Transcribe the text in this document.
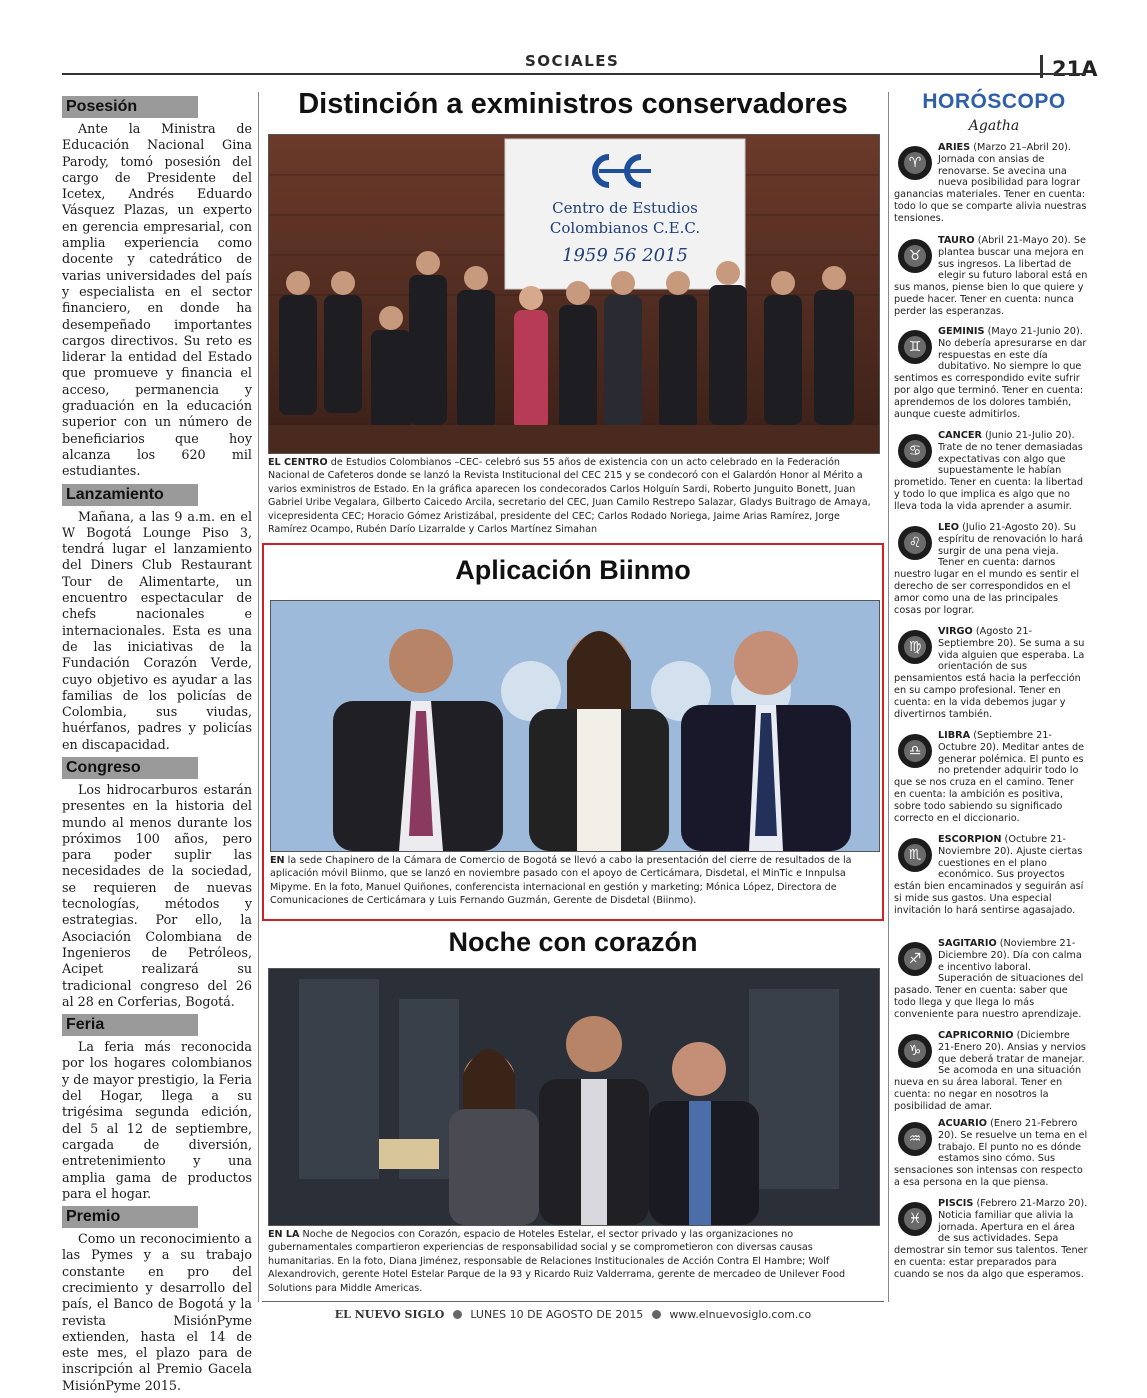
SOCIALES	21A
Posesión

Ante la Ministra de Educación Nacional Gina Parody, tomó posesión del cargo de Presidente del Icetex, Andrés Eduardo Vásquez Plazas, un experto en gerencia empresarial, con amplia experiencia como docente y catedrático de varias universidades del país y especialista en el sector financiero, en donde ha desempeñado importantes cargos directivos. Su reto es liderar la entidad del Estado que promueve y financia el acceso, permanencia y graduación en la educación superior con un número de beneficiarios que hoy alcanza los 620 mil estudiantes.

Lanzamiento

Mañana, a las 9 a.m. en el W Bogotá Lounge Piso 3, tendrá lugar el lanzamiento del Diners Club Restaurant Tour de Alimentarte, un encuentro espectacular de chefs nacionales e internacionales. Esta es una de las iniciativas de la Fundación Corazón Verde, cuyo objetivo es ayudar a las familias de los policías de Colombia, sus viudas, huérfanos, padres y policías en discapacidad.

Congreso

Los hidrocarburos estarán presentes en la historia del mundo al menos durante los próximos 100 años, pero para poder suplir las necesidades de la sociedad, se requieren de nuevas tecnologías, métodos y estrategias. Por ello, la Asociación Colombiana de Ingenieros de Petróleos, Acipet realizará su tradicional congreso del 26 al 28 en Corferias, Bogotá.

Feria

La feria más reconocida por los hogares colombianos y de mayor prestigio, la Feria del Hogar, llega a su trigésima segunda edición, del 5 al 12 de septiembre, cargada de diversión, entretenimiento y una amplia gama de productos para el hogar.

Premio

Como un reconocimiento a las Pymes y a su trabajo constante en pro del crecimiento y desarrollo del país, el Banco de Bogotá y la revista MisiónPyme extienden, hasta el 14 de este mes, el plazo para de inscripción al Premio Gacela MisiónPyme 2015.

Distinción a exministros conservadores
Centro de Estudios
Colombianos C.E.C.
1959 56 2015
EL CENTRO de Estudios Colombianos –CEC- celebró sus 55 años de existencia con un acto celebrado en la Federación Nacional de Cafeteros donde se lanzó la Revista Institucional del CEC 215 y se condecoró con el Galardón Honor al Mérito a varios exministros de Estado. En la gráfica aparecen los condecorados Carlos Holguín Sardi, Roberto Junguito Bonett, Juan Gabriel Uribe Vegalara, Gilberto Caicedo Arcila, secretario del CEC, Juan Camilo Restrepo Salazar, Gladys Buitrago de Amaya, vicepresidenta CEC; Horacio Gómez Aristizábal, presidente del CEC; Carlos Rodado Noriega, Jaime Arias Ramírez, Jorge Ramírez Ocampo, Rubén Darío Lizarralde y Carlos Martínez Simahan
Aplicación Biinmo
EN la sede Chapinero de la Cámara de Comercio de Bogotá se llevó a cabo la presentación del cierre de resultados de la aplicación móvil Biinmo, que se lanzó en noviembre pasado con el apoyo de Certicámara, Disdetal, el MinTic e Innpulsa Mipyme. En la foto, Manuel Quiñones, conferencista internacional en gestión y marketing; Mónica López, Directora de Comunicaciones de Certicámara y Luis Fernando Guzmán, Gerente de Disdetal (Biinmo).
Noche con corazón
EN LA Noche de Negocios con Corazón, espacio de Hoteles Estelar, el sector privado y las organizaciones no gubernamentales compartieron experiencias de responsabilidad social y se comprometieron con diversas causas humanitarias. En la foto, Diana Jiménez, responsable de Relaciones Institucionales de Acción Contra El Hambre; Wolf Alexandrovich, gerente Hotel Estelar Parque de la 93 y Ricardo Ruiz Valderrama, gerente de mercadeo de Unilever Food Solutions para Middle Americas.
HORÓSCOPO
Agatha
♈
ARIES (Marzo 21–Abril 20). Jornada con ansias de renovarse. Se avecina una nueva posibilidad para lograr ganancias materiales. Tener en cuenta: todo lo que se comparte alivia nuestras tensiones.
♉
TAURO (Abril 21-Mayo 20). Se plantea buscar una mejora en sus ingresos. La libertad de elegir su futuro laboral está en sus manos, piense bien lo que quiere y puede hacer. Tener en cuenta: nunca perder las esperanzas.
♊
GEMINIS (Mayo 21-Junio 20). No debería apresurarse en dar respuestas en este día dubitativo. No siempre lo que sentimos es correspondido evite sufrir por algo que terminó. Tener en cuenta: aprendemos de los dolores también, aunque cueste admitirlos.
♋
CANCER (Junio 21-Julio 20). Trate de no tener demasiadas expectativas con algo que supuestamente le habían prometido. Tener en cuenta: la libertad y todo lo que implica es algo que no lleva toda la vida aprender a asumir.
♌
LEO (Julio 21-Agosto 20). Su espíritu de renovación lo hará surgir de una pena vieja. Tener en cuenta: darnos nuestro lugar en el mundo es sentir el derecho de ser correspondidos en el amor como una de las principales cosas por lograr.
♍
VIRGO (Agosto 21-Septiembre 20). Se suma a su vida alguien que esperaba. La orientación de sus pensamientos está hacia la perfección en su campo profesional. Tener en cuenta: en la vida debemos jugar y divertirnos también.
♎
LIBRA (Septiembre 21-Octubre 20). Meditar antes de generar polémica. El punto es no pretender adquirir todo lo que se nos cruza en el camino. Tener en cuenta: la ambición es positiva, sobre todo sabiendo su significado correcto en el diccionario.
♏
ESCORPION (Octubre 21-Noviembre 20). Ajuste ciertas cuestiones en el plano económico. Sus proyectos están bien encaminados y seguirán así si mide sus gastos. Una especial invitación lo hará sentirse agasajado.
♐
SAGITARIO (Noviembre 21-Diciembre 20). Día con calma e incentivo laboral. Superación de situaciones del pasado. Tener en cuenta: saber que todo llega y que llega lo más conveniente para nuestro aprendizaje.
♑
CAPRICORNIO (Diciembre 21-Enero 20). Ansias y nervios que deberá tratar de manejar. Se acomoda en una situación nueva en su área laboral. Tener en cuenta: no negar en nosotros la posibilidad de amar.
♒
ACUARIO (Enero 21-Febrero 20). Se resuelve un tema en el trabajo. El punto no es dónde estamos sino cómo. Sus sensaciones son intensas con respecto a esa persona en la que piensa.
♓
PISCIS (Febrero 21-Marzo 20). Noticia familiar que alivia la jornada. Apertura en el área de sus actividades. Sepa demostrar sin temor sus talentos. Tener en cuenta: estar preparados para cuando se nos da algo que esperamos.
EL NUEVO SIGLO LUNES 10 DE AGOSTO DE 2015 www.elnuevosiglo.com.co
